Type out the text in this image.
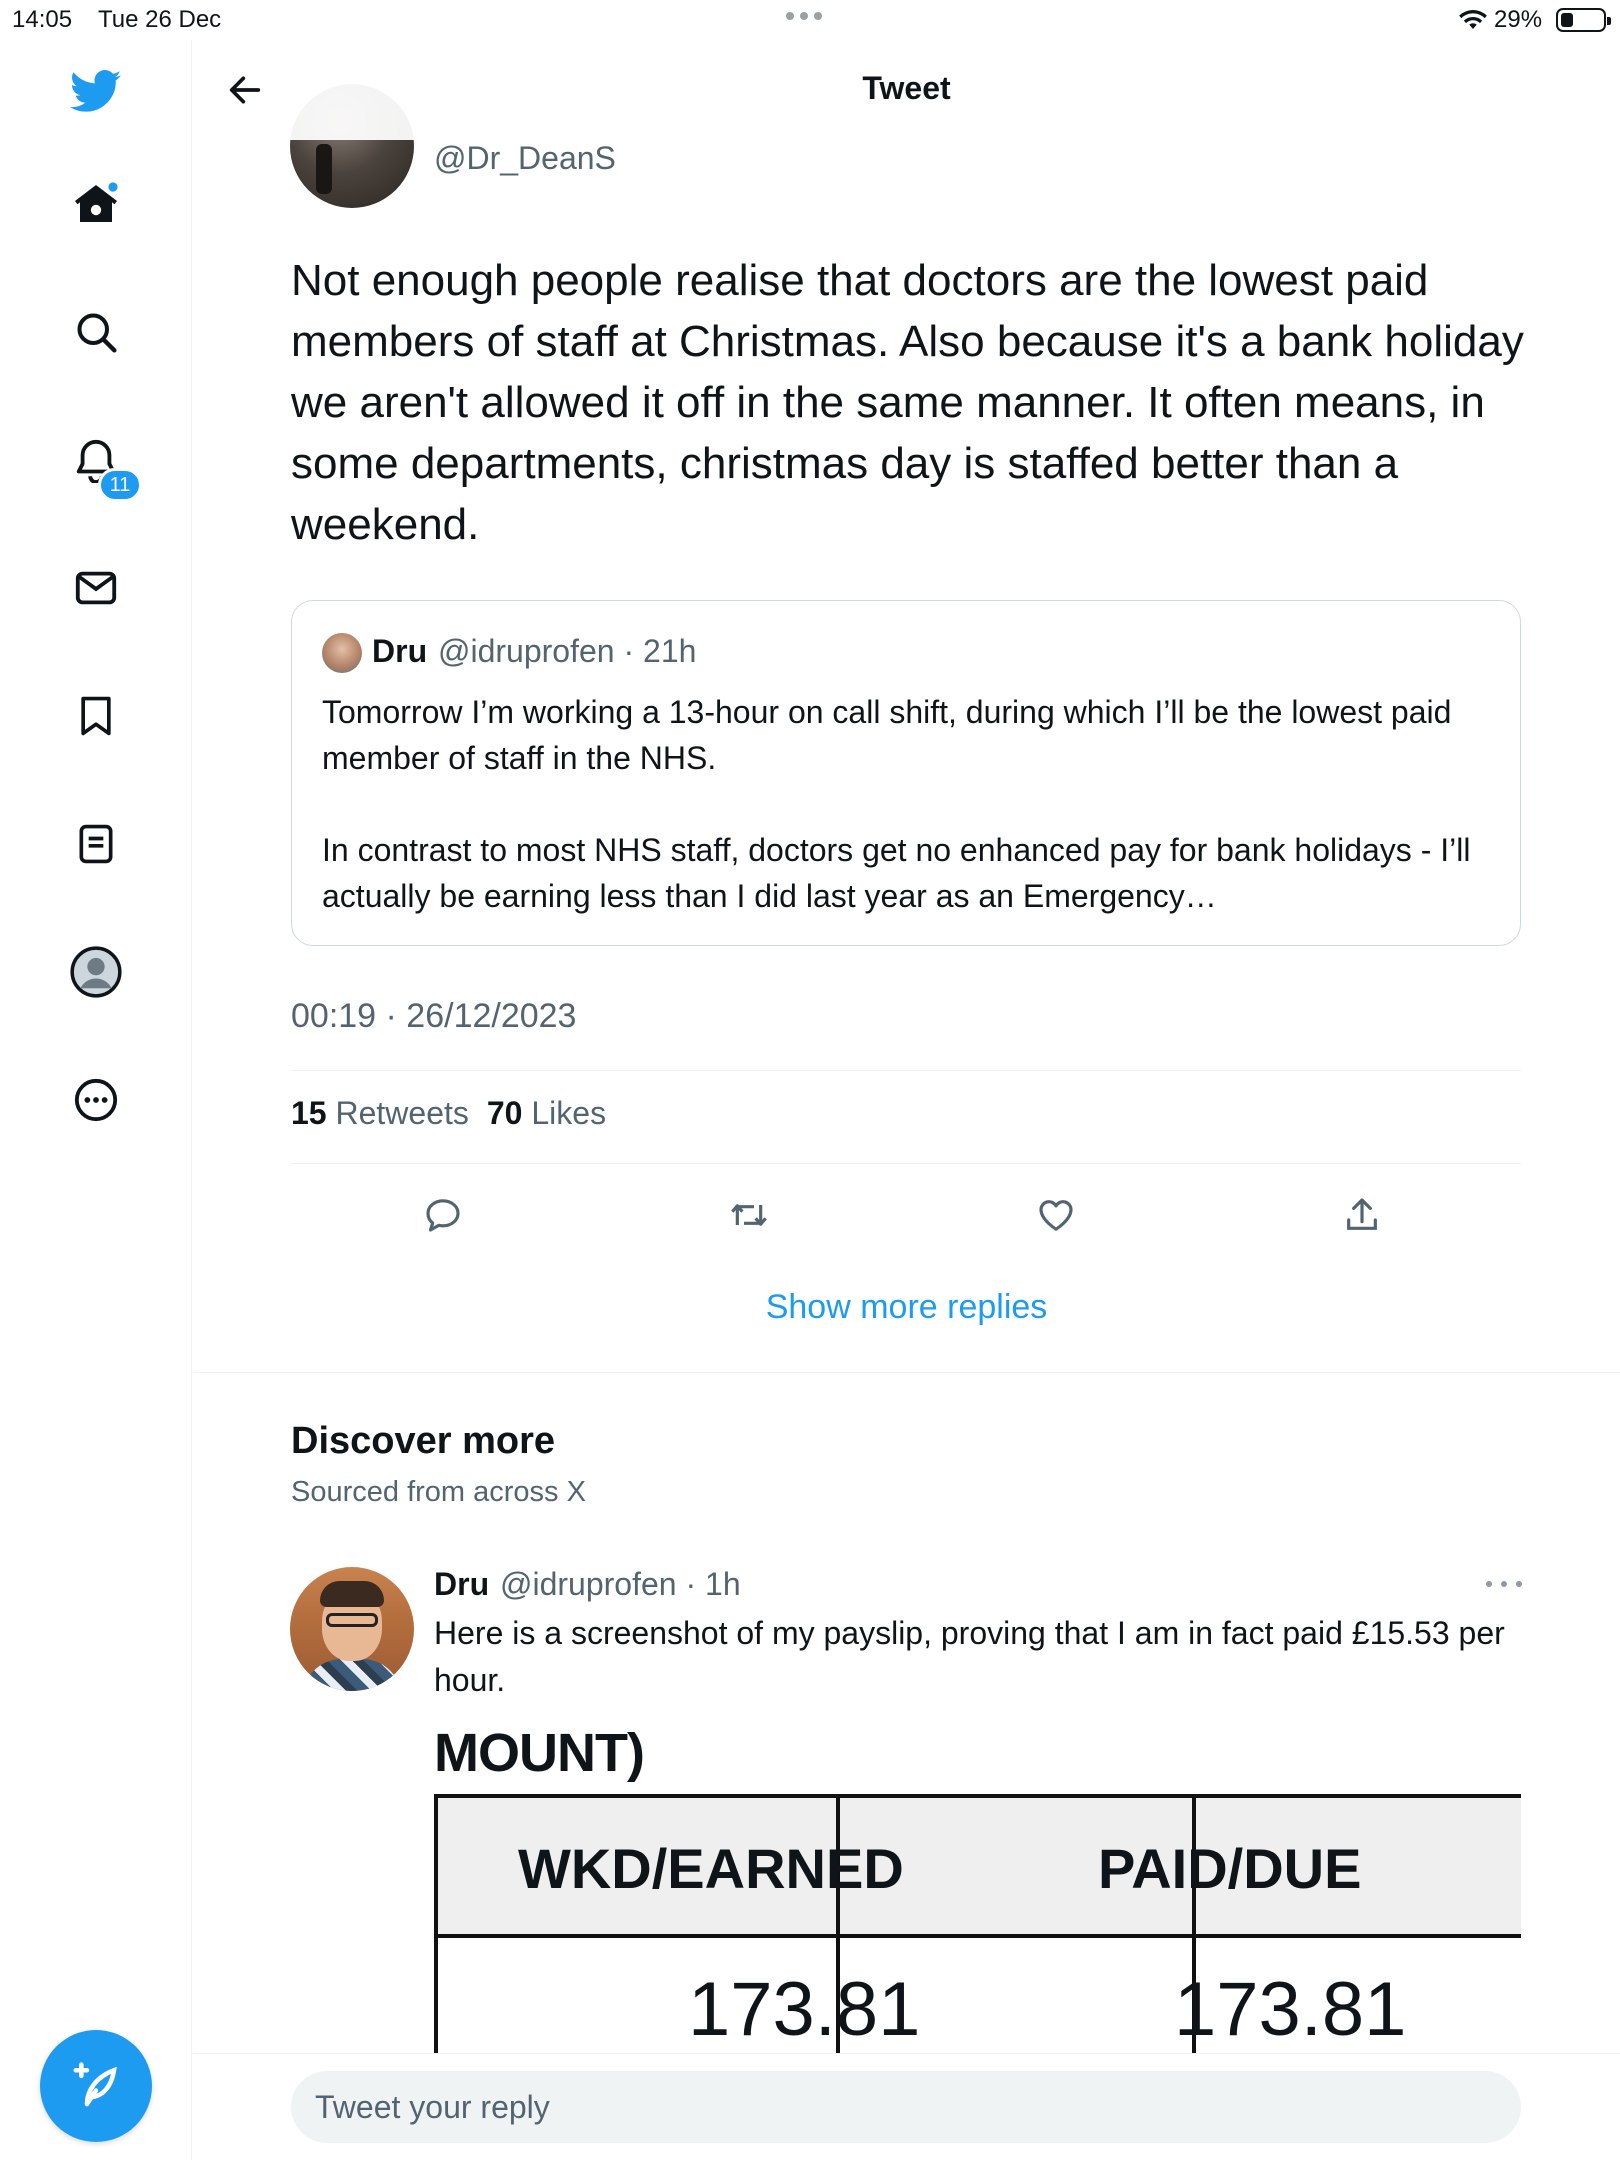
14:05 Tue 26 Dec	29%
11
Tweet
@Dr_DeanS
Not enough people realise that doctors are the lowest paid members of staff at Christmas. Also because it's a bank holiday we aren't allowed it off in the same manner. It often means, in some departments, christmas day is staffed better than a weekend.
Dru @idruprofen · 21h

Tomorrow I’m working a 13-hour on call shift, during which I’ll be the lowest paid member of staff in the NHS.

In contrast to most NHS staff, doctors get no enhanced pay for bank holidays - I’ll actually be earning less than I did last year as an Emergency…

00:19 · 26/12/2023
15 Retweets 70 Likes
Show more replies
Discover more
Sourced from across X
Dru @idruprofen · 1h
Here is a screenshot of my payslip, proving that I am in fact paid £15.53 per hour.
MOUNT)
WKD/EARNED	PAID/DUE
173.81	173.81
Tweet your reply
